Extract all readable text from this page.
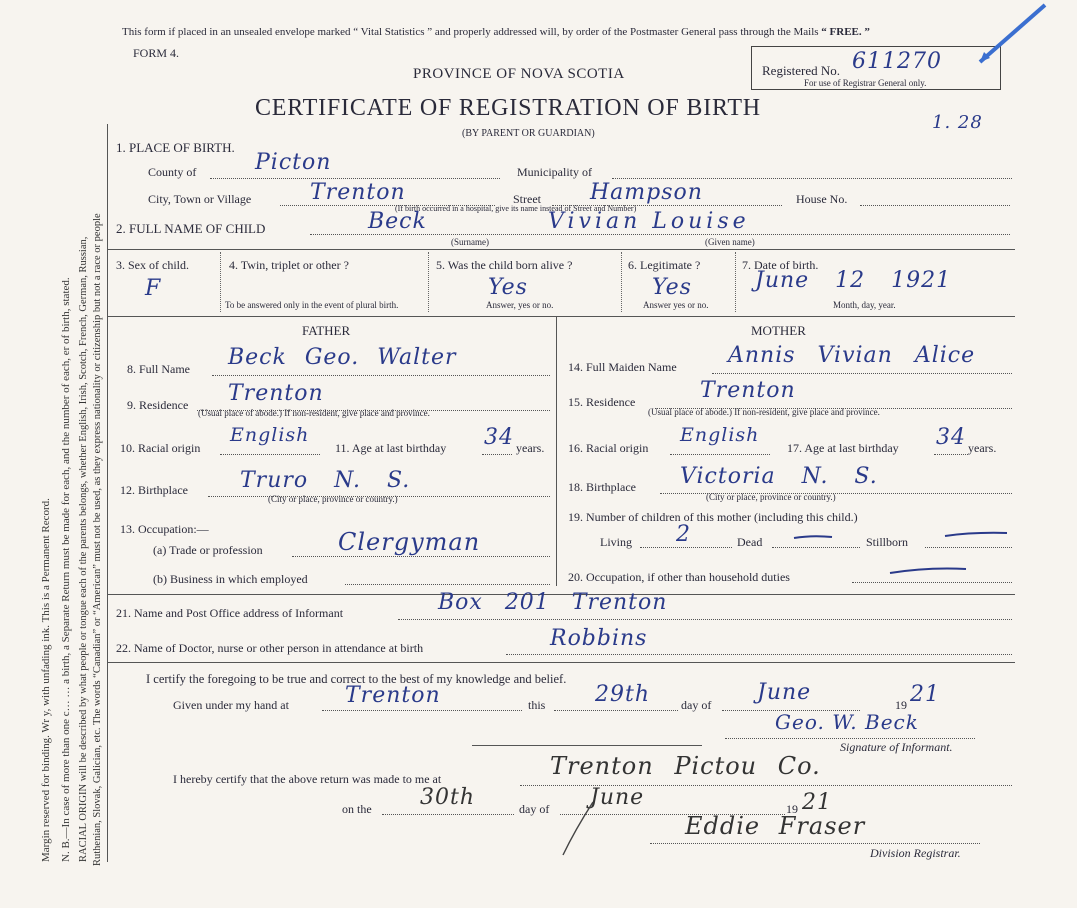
Margin reserved for binding. Wr y, with unfading ink. This is a Permanent Record. N. B.—In case of more than one c… … a birth, a Separate Return must be made for each, and the number of each, er of birth, stated. RACIAL ORIGIN will be described by what people or tongue each of the parents belongs, whether English, Irish, Scotch, French, German, Russian, Ruthenian, Slovak, Galician, etc. The words “Canadian” or “American” must not be used, as they express nationality or citizenship but not a race or people
This form if placed in an unsealed envelope marked “ Vital Statistics ” and properly addressed will, by order of the Postmaster General pass through the Mails “ FREE. ”
FORM 4.
PROVINCE OF NOVA SCOTIA
CERTIFICATE OF REGISTRATION OF BIRTH
(BY PARENT OR GUARDIAN)
Registered No. 611270
For use of Registrar General only.
1. 28
1. PLACE OF BIRTH.
County of	Picton	Municipality of
City, Town or Village	Trenton	Street Hampson	House No.
(If birth occurred in a hospital, give its name instead of Street and Number)
2. FULL NAME OF CHILD	Beck	Vivian Louise
(Surname)	(Given name)
3. Sex of child.
F
4. Twin, triplet or other ?
To be answered only in the event of plural birth.
5. Was the child born alive ?
Yes
Answer, yes or no.
6. Legitimate ?
Yes
Answer yes or no.
7. Date of birth.
June 12 1921
Month, day, year.
FATHER
8. Full Name Beck Geo. Walter
9. Residence Trenton
(Usual place of abode.) If non-resident, give place and province.
10. Racial origin
English
11. Age at last birthday 34 years.
12. Birthplace Truro N. S.
(City or place, province or country.)
13. Occupation:—
(a) Trade or profession	Clergyman
(b) Business in which employed
MOTHER
14. Full Maiden Name Annis Vivian Alice
15. Residence	Trenton
(Usual place of abode.) If non-resident, give place and province.
16. Racial origin
English
17. Age at last birthday 34 years.
18. Birthplace Victoria N. S.
(City or place, province or country.)
19. Number of children of this mother (including this child.)
Living 2	Dead	Stillborn
20. Occupation, if other than household duties
21. Name and Post Office address of Informant	Box 201 Trenton
22. Name of Doctor, nurse or other person in attendance at birth	Robbins
I certify the foregoing to be true and correct to the best of my knowledge and belief.
Given under my hand at	Trenton	this 29th	day of June	19 21
Geo. W. Beck
Signature of Informant.
I hereby certify that the above return was made to me at	Trenton Pictou Co.
on the 30th	day of June	19 21
Eddie Fraser
Division Registrar.
